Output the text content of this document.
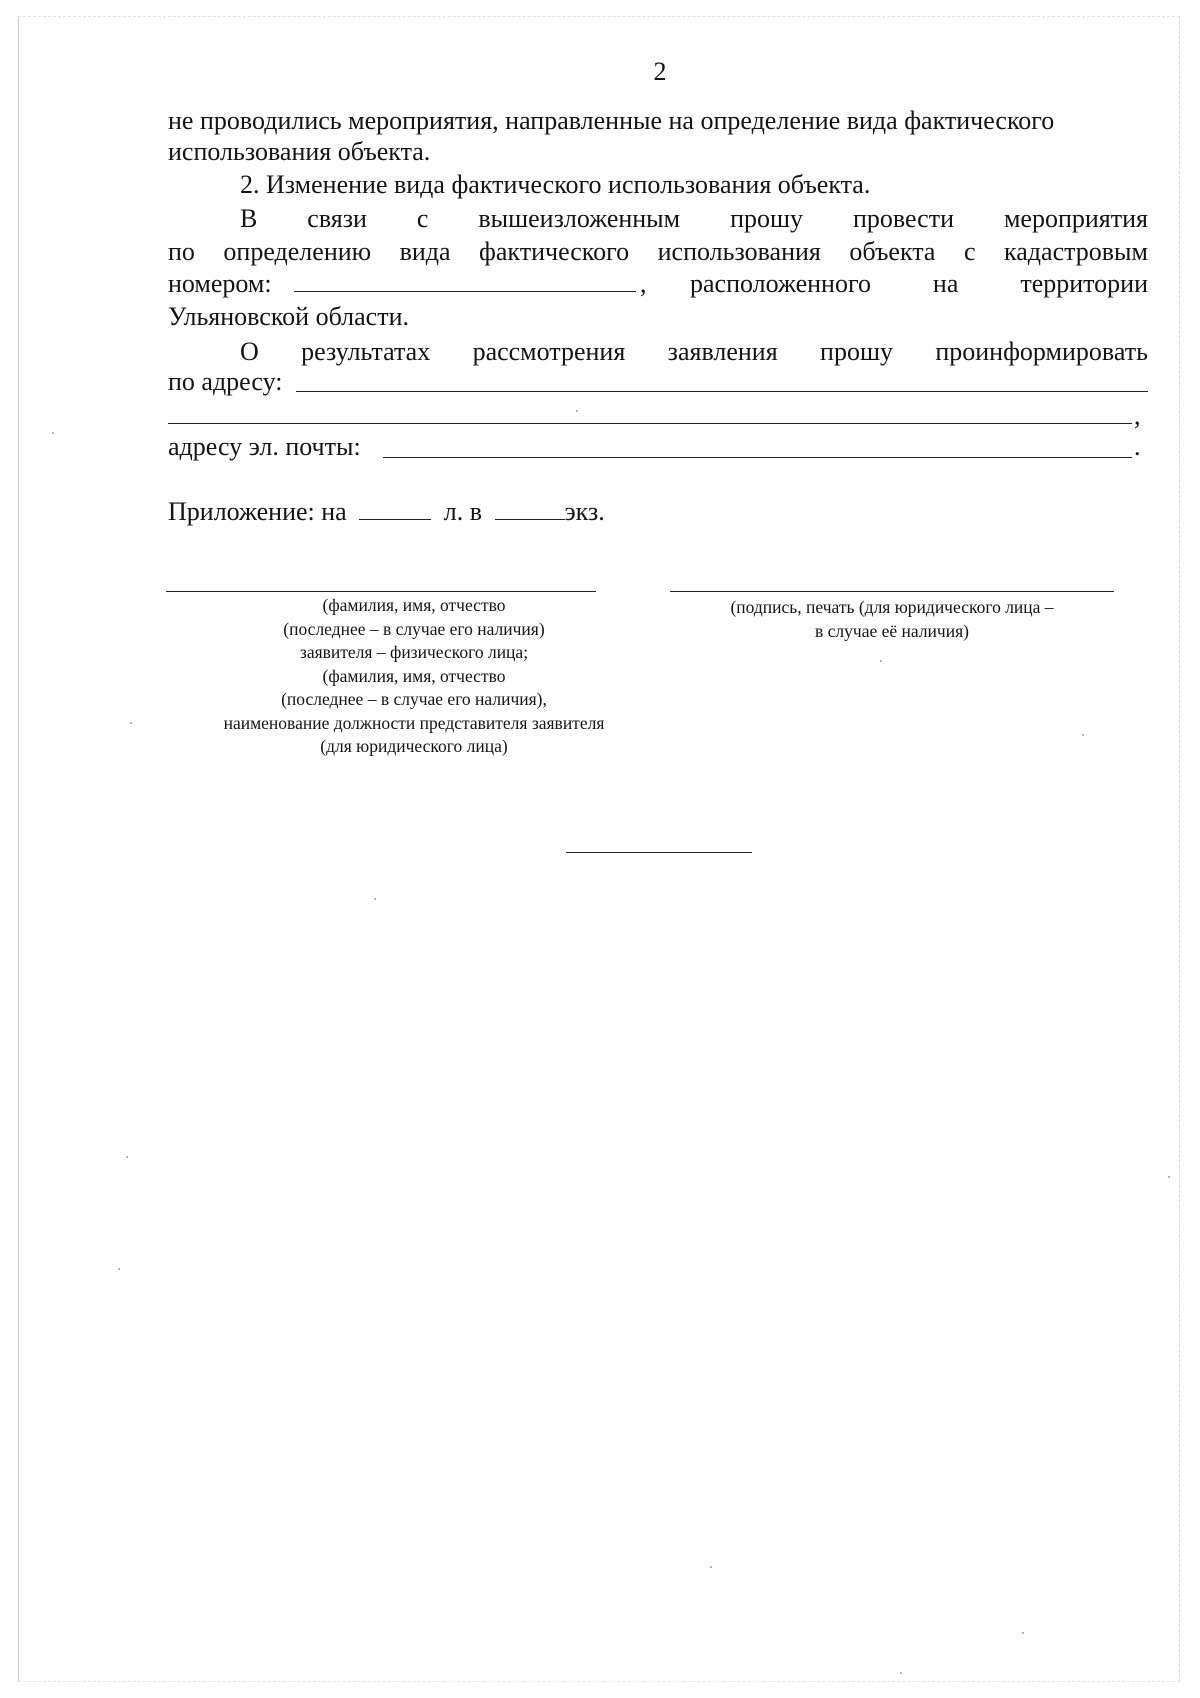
2
не проводились мероприятия, направленные на определение вида фактического
использования объекта.
2. Изменение вида фактического использования объекта.
В связи с вышеизложенным прошу провести мероприятия
по определению вида фактического использования объекта с кадастровым
номером:	,	расположенного на территории
Ульяновской области.
О результатах рассмотрения заявления прошу проинформировать
по адресу:
,
адресу эл. почты:	.
Приложение: на	л. в	экз.
(фамилия, имя, отчество
(последнее – в случае его наличия)
заявителя – физического лица;
(фамилия, имя, отчество
(последнее – в случае его наличия),
наименование должности представителя заявителя
(для юридического лица)
(подпись, печать (для юридического лица –
в случае её наличия)
